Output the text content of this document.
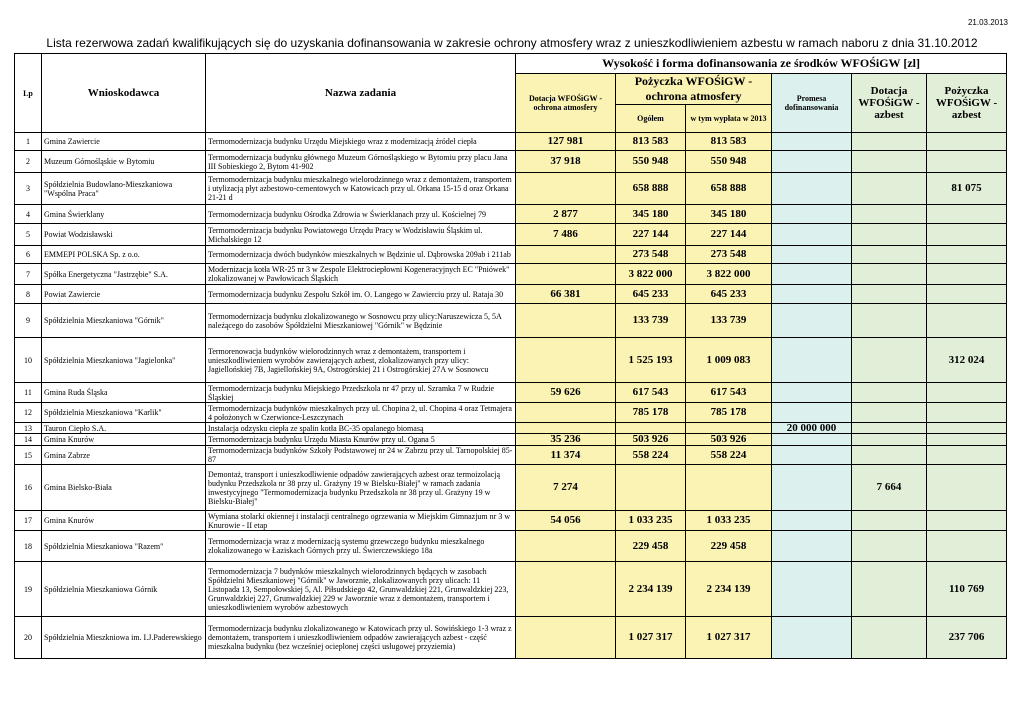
21.03.2013
Lista rezerwowa zadań kwalifikujących się do uzyskania dofinansowania w zakresie ochrony atmosfery wraz z unieszkodliwieniem azbestu w ramach naboru z dnia 31.10.2012
Lp	Wnioskodawca	Nazwa zadania	Wysokość i forma dofinansowania ze środków WFOŚiGW [zl]					
			Dotacja WFOŚiGW - ochrona atmosfery	Pożyczka WFOŚiGW - ochrona atmosfery		Promesa dofinansowania	Dotacja WFOŚiGW - azbest	Pożyczka WFOŚiGW - azbest
				Ogółem	w tym wypłata w 2013			
1	Gmina Zawiercie	Termomodernizacja budynku Urzędu Miejskiego wraz z modernizacją źródeł ciepła	127 981	813 583	813 583			
2	Muzeum Górnośląskie w Bytomiu	Termomodernizacja budynku głównego Muzeum Górnośląskiego w Bytomiu przy placu Jana III Sobieskiego 2, Bytom 41-902	37 918	550 948	550 948			
3	Spółdzielnia Budowlano-Mieszkaniowa "Wspólna Praca"	Termomodernizacja budynku mieszkalnego wielorodzinnego wraz z demontażem, transportem i utylizacją płyt azbestowo-cementowych w Katowicach przy ul. Orkana 15-15 d oraz Orkana 21-21 d		658 888	658 888			81 075
4	Gmina Świerklany	Termomodernizacja budynku Ośrodka Zdrowia w Świerklanach przy ul. Kościelnej 79	2 877	345 180	345 180			
5	Powiat Wodzisławski	Termomodernizacja budynku Powiatowego Urzędu Pracy w Wodzisławiu Śląskim ul. Michalskiego 12	7 486	227 144	227 144			
6	EMMEPI POLSKA Sp. z o.o.	Termomodernizacja dwóch budynków mieszkalnych w Będzinie ul. Dąbrowska 209ab i 211ab		273 548	273 548			
7	Spółka Energetyczna "Jastrzębie" S.A.	Modernizacja kotła WR-25 nr 3 w Zespole Elektrociepłowni Kogeneracyjnych EC "Pniówek" zlokalizowanej w Pawłowicach Śląskich		3 822 000	3 822 000			
8	Powiat Zawiercie	Termomodernizacja budynku Zespołu Szkół im. O. Langego w Zawierciu przy ul. Rataja 30	66 381	645 233	645 233			
9	Spółdzielnia Mieszkaniowa "Górnik"	Termomodernizacja budynku zlokalizowanego w Sosnowcu przy ulicy:Naruszewicza 5, 5A należącego do zasobów Spółdzielni Mieszkaniowej "Górnik" w Będzinie		133 739	133 739			
10	Spółdzielnia Mieszkaniowa "Jagielonka"	Termorenowacja budynków wielorodzinnych wraz z demontażem, transportem i unieszkodliwieniem wyrobów zawierających azbest, zlokalizowanych przy ulicy: Jagiellońskiej 7B, Jagiellońskiej 9A, Ostrogórskiej 21 i Ostrogórskiej 27A w Sosnowcu		1 525 193	1 009 083			312 024
11	Gmina Ruda Śląska	Termomodernizacja budynku Miejskiego Przedszkola nr 47 przy ul. Szramka 7 w Rudzie Śląskiej	59 626	617 543	617 543			
12	Spółdzielnia Mieszkaniowa "Karlik"	Termomodernizacja budynków mieszkalnych przy ul. Chopina 2, ul. Chopina 4 oraz Tetmajera 4 położonych w Czerwionce-Leszczynach		785 178	785 178			
13	Tauron Ciepło S.A.	Instalacja odzysku ciepła ze spalin kotła BC-35 opalanego biomasą				20 000 000		
14	Gmina Knurów	Termomodernizacja budynku Urzędu Miasta Knurów przy ul. Ogana 5	35 236	503 926	503 926			
15	Gmina Zabrze	Termomodernizacja budynków Szkoły Podstawowej nr 24 w Zabrzu przy ul. Tarnopolskiej 85-87	11 374	558 224	558 224			
16	Gmina Bielsko-Biała	Demontaż, transport i unieszkodliwienie odpadów zawierających azbest oraz termoizolacją budynku Przedszkola nr 38 przy ul. Grażyny 19 w Bielsku-Białej" w ramach zadania inwestycyjnego "Termomodernizacja budynku Przedszkola nr 38 przy ul. Grażyny 19 w Bielsku-Białej"	7 274				7 664	
17	Gmina Knurów	Wymiana stolarki okiennej i instalacji centralnego ogrzewania w Miejskim Gimnazjum nr 3 w Knurowie - II etap	54 056	1 033 235	1 033 235			
18	Spółdzielnia Mieszkaniowa "Razem"	Termomodernizacja wraz z modernizacją systemu grzewczego budynku mieszkalnego zlokalizowanego w Łaziskach Górnych przy ul. Świerczewskiego 18a		229 458	229 458			
19	Spółdzielnia Mieszkaniowa Górnik	Termomodernizacja 7 budynków mieszkalnych wielorodzinnych będących w zasobach Spółdzielni Mieszkaniowej "Górnik" w Jaworznie, zlokalizowanych przy ulicach: 11 Listopada 13, Sempołowskiej 5, Al. Piłsudskiego 42, Grunwaldzkiej 221, Grunwaldzkiej 223, Grunwaldzkiej 227, Grunwaldzkiej 229 w Jaworznie wraz z demontażem, transportem i unieszkodliwieniem wyrobów azbestowych		2 234 139	2 234 139			110 769
20	Spółdzielnia Mieszkniowa im. I.J.Paderewskiego	Termomodernizacja budynku zlokalizowanego w Katowicach przy ul. Sowińskiego 1-3 wraz z demontażem, transportem i unieszkodliwieniem odpadów zawierających azbest - część mieszkalna budynku (bez wcześniej ocieplonej części usługowej przyziemia)		1 027 317	1 027 317			237 706
